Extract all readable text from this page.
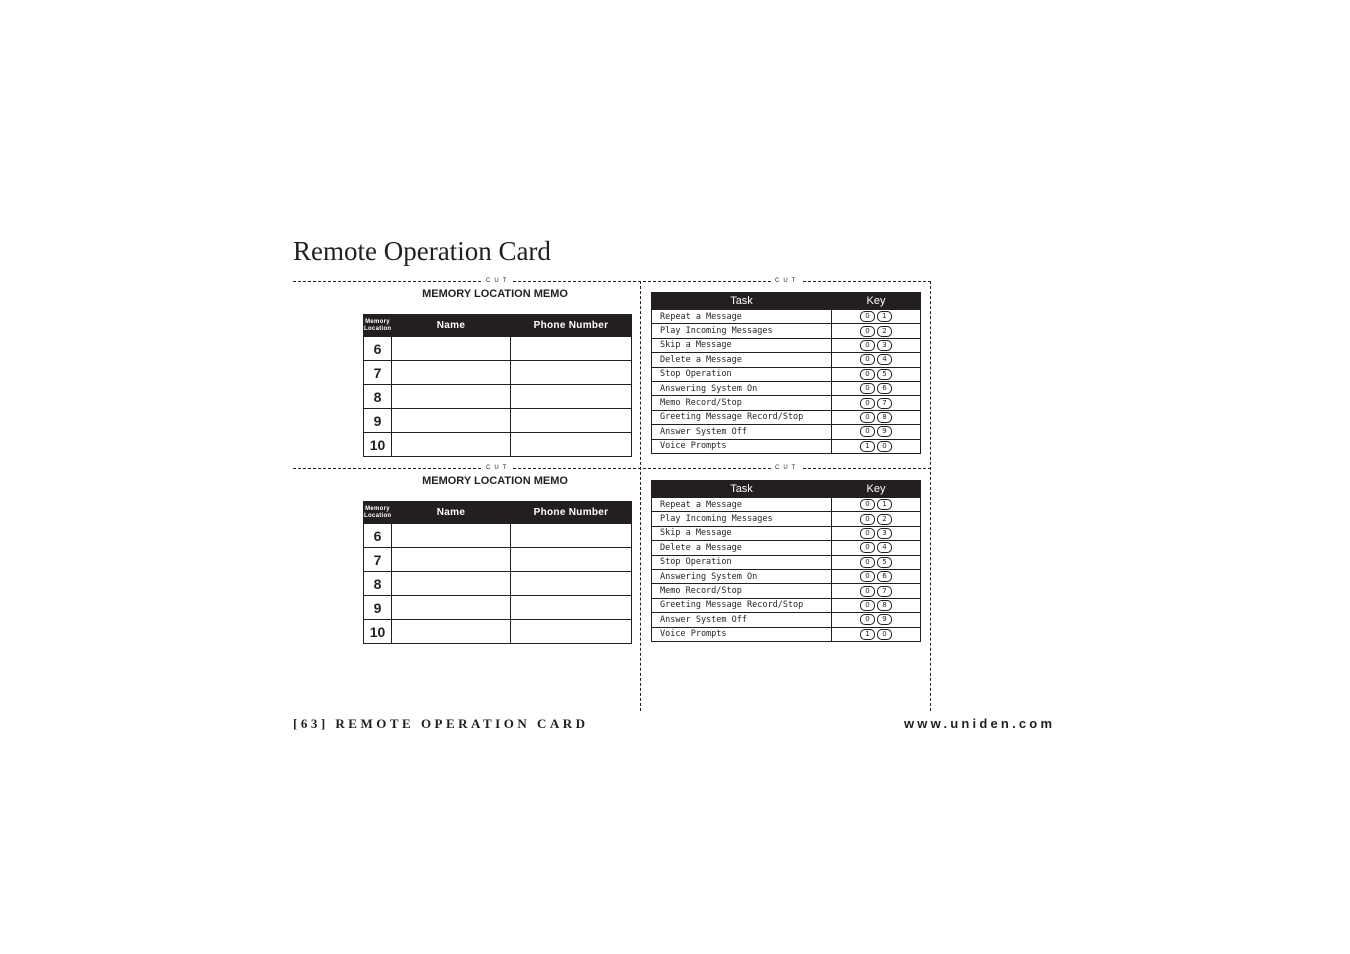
Remote Operation Card
CUT	CUT
CUT	CUT
MEMORY LOCATION MEMO
Memory Location	Name	Phone Number
6		
7		
8		
9		
10		
MEMORY LOCATION MEMO
Memory Location	Name	Phone Number
6		
7		
8		
9		
10		
Task	Key
Repeat a Message	0 1
Play Incoming Messages	0 2
Skip a Message	0 3
Delete a Message	0 4
Stop Operation	0 5
Answering System On	0 6
Memo Record/Stop	0 7
Greeting Message Record/Stop	0 8
Answer System Off	0 9
Voice Prompts	1 0
Task	Key
Repeat a Message	0 1
Play Incoming Messages	0 2
Skip a Message	0 3
Delete a Message	0 4
Stop Operation	0 5
Answering System On	0 6
Memo Record/Stop	0 7
Greeting Message Record/Stop	0 8
Answer System Off	0 9
Voice Prompts	1 0
[63] REMOTE OPERATION CARD	www.uniden.com
